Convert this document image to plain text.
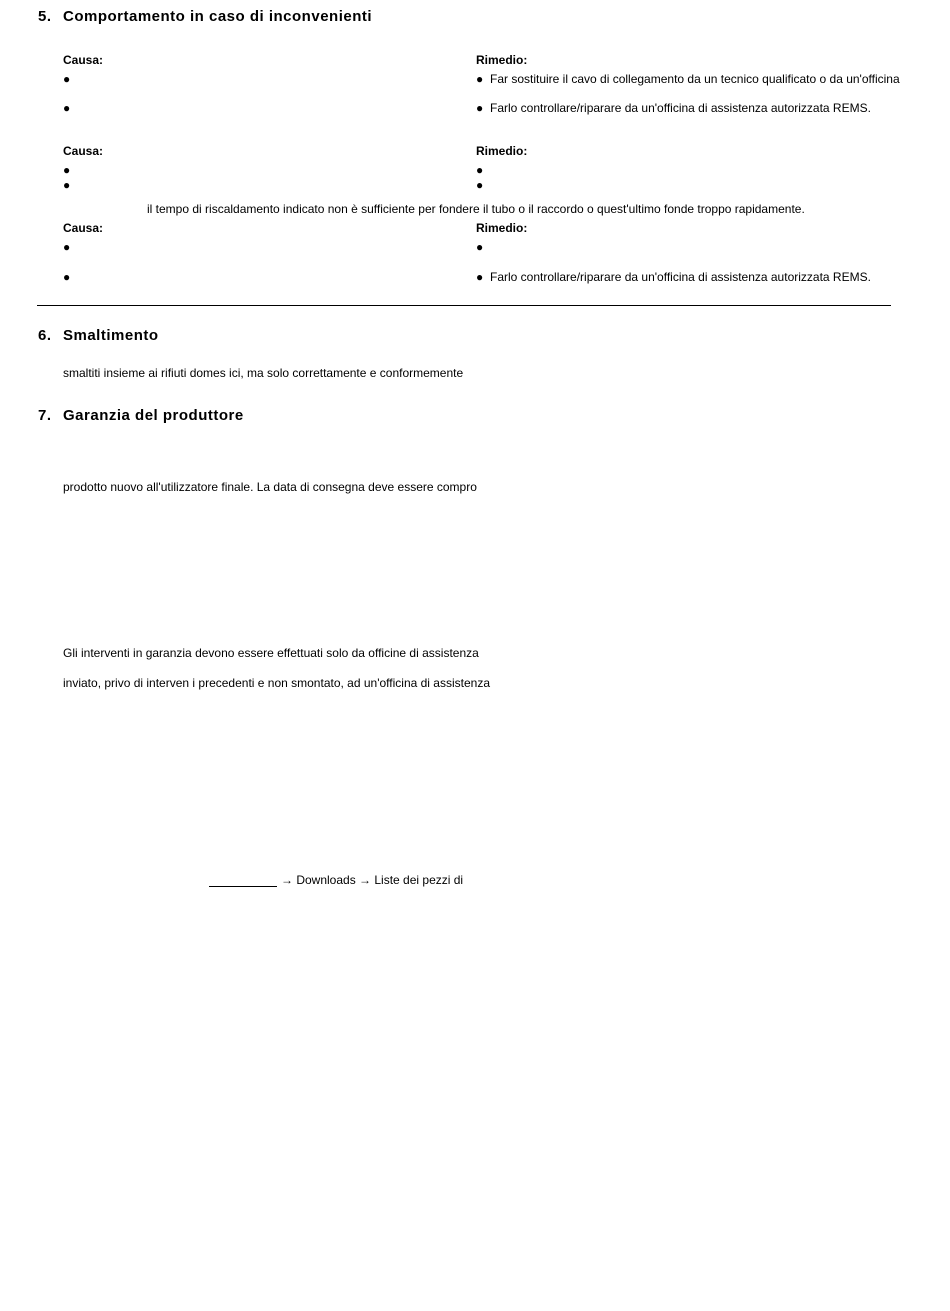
5. Comportamento in caso di inconvenienti
Causa:	Rimedio:
●	● Far sostituire il cavo di collegamento da un tecnico qualificato o da un'officina
●	● Farlo controllare/riparare da un'officina di assistenza autorizzata REMS.
Causa:	Rimedio:
●	●
●	●
il tempo di riscaldamento indicato non è sufficiente per fondere il tubo o il raccordo o quest'ultimo fonde troppo rapidamente.
Causa:	Rimedio:
●	●
●	● Farlo controllare/riparare da un'officina di assistenza autorizzata REMS.
6. Smaltimento
smaltiti insieme ai rifiuti domes ici, ma solo correttamente e conformemente
7. Garanzia del produttore
prodotto nuovo all'utilizzatore finale. La data di consegna deve essere compro
Gli interventi in garanzia devono essere effettuati solo da officine di assistenza
inviato, privo di interven i precedenti e non smontato, ad un'officina di assistenza
→ Downloads → Liste dei pezzi di
